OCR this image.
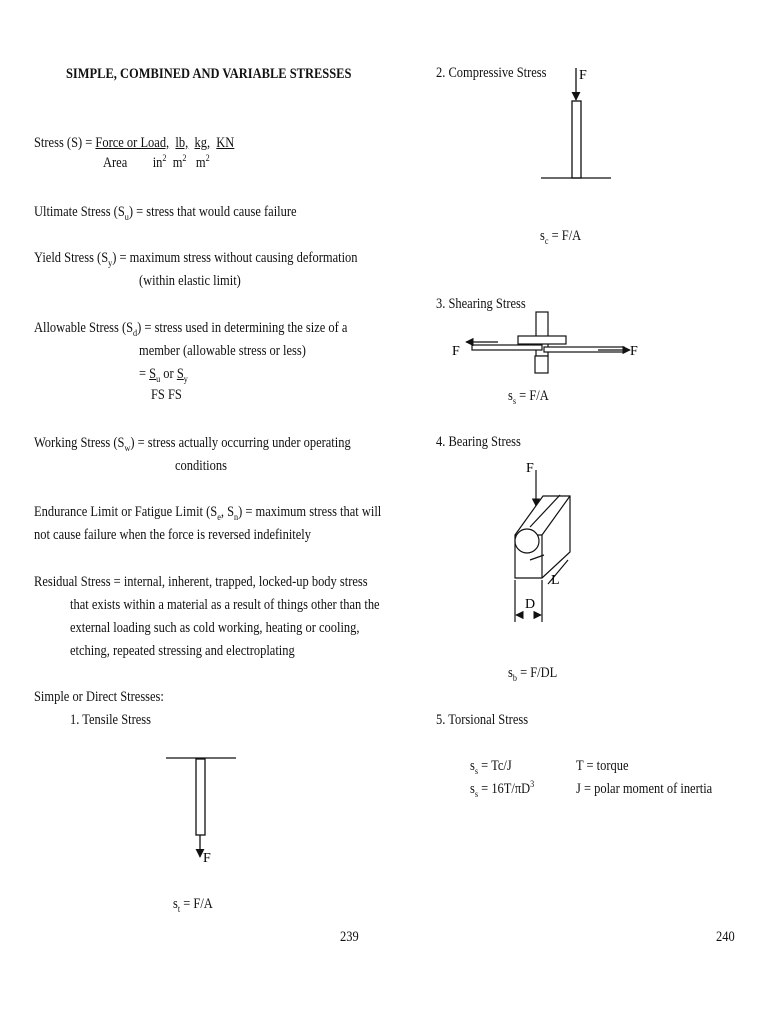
SIMPLE, COMBINED AND VARIABLE STRESSES
Stress (S) = Force or Load, lb, kg, KN
Area $in^2$ $m^2$ $m^2$
Ultimate Stress $(S_u)$ = stress that would cause failure
Yield Stress $(S_y)$ = maximum stress without causing deformation
(within elastic limit)
Allowable Stress $(S_d)$ = stress used in determining the size of a
member (allowable stress or less)
= $S_u$ or $S_y$
FS FS
Working Stress $(S_w)$ = stress actually occurring under operating
conditions
Endurance Limit or Fatigue Limit ($S_e$, $S_n$) = maximum stress that will
not cause failure when the force is reversed indefinitely
Residual Stress = internal, inherent, trapped, locked-up body stress
that exists within a material as a result of things other than the
external loading such as cold working, heating or cooling,
etching, repeated stressing and electroplating
Simple or Direct Stresses:
1. Tensile Stress
$s_t = F/A$
239
2. Compressive Stress
$s_c = F/A$
3. Shearing Stress
$s_s = F/A$
4. Bearing Stress
$s_b = F/DL$
5. Torsional Stress
$s_s = Tc/J$
$s_s = 16T/\pi D^3$
T = torque
J = polar moment of inertia
240
F
F
F	F
F
L
D
